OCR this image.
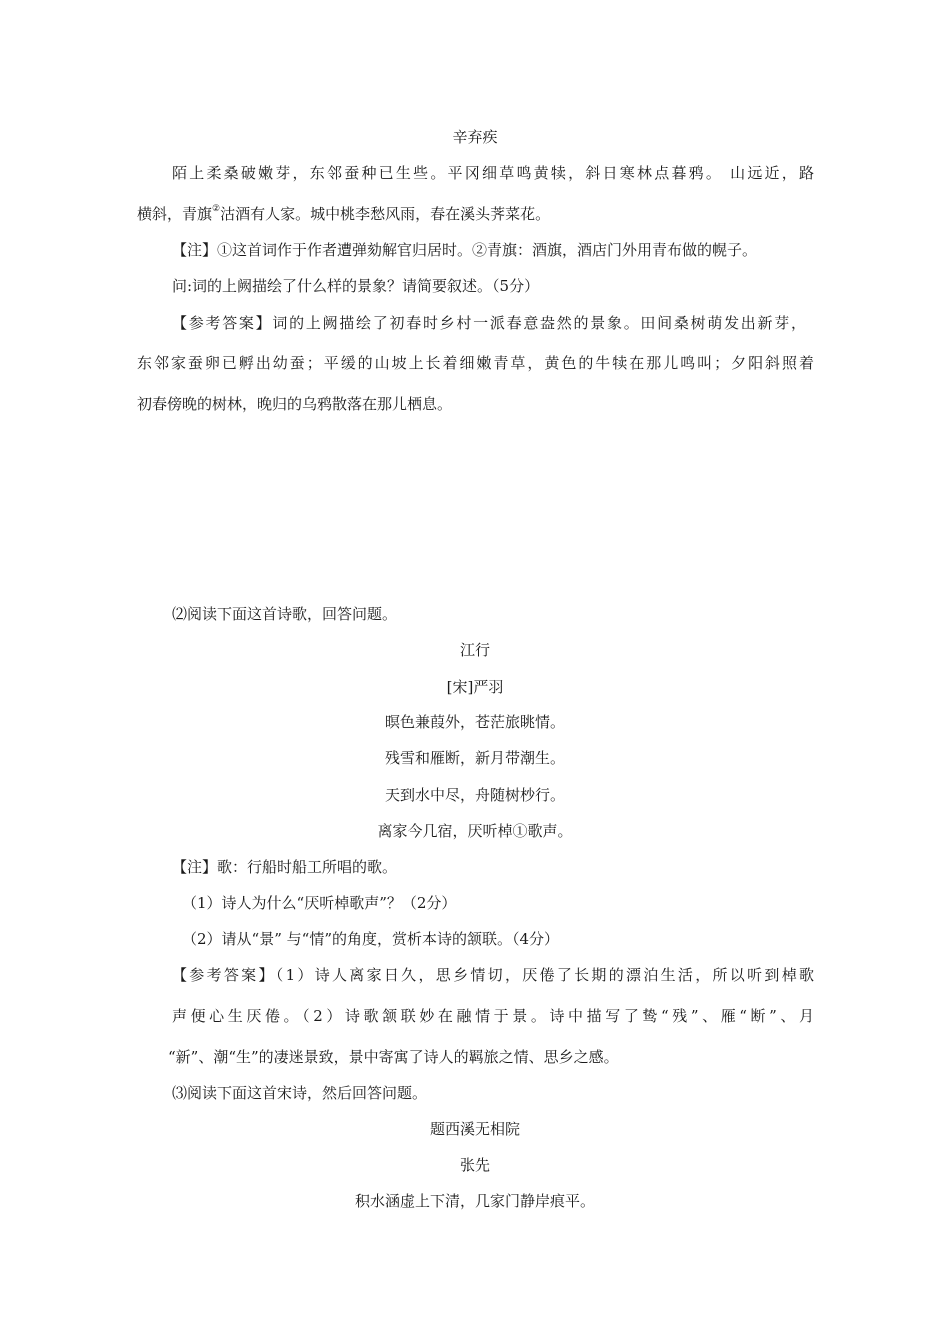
辛弃疾
陌上柔桑破嫩芽，东邻蚕种已生些。平冈细草鸣黄犊，斜日寒林点暮鸦。 山远近，路
横斜，青旗②沽酒有人家。城中桃李愁风雨，春在溪头荠菜花。
【注】①这首词作于作者遭弹劾解官归居时。②青旗：酒旗，酒店门外用青布做的幌子。
问:词的上阙描绘了什么样的景象？请简要叙述。（5分）
【参考答案】词的上阙描绘了初春时乡村一派春意盎然的景象。田间桑树萌发出新芽，
东邻家蚕卵已孵出幼蚕；平缓的山坡上长着细嫩青草，黄色的牛犊在那儿鸣叫；夕阳斜照着
初春傍晚的树林，晚归的乌鸦散落在那儿栖息。
⑵阅读下面这首诗歌，回答问题。
江行
[宋]严羽
暝色兼葭外，苍茫旅眺情。
残雪和雁断，新月带潮生。
天到水中尽，舟随树杪行。
离家今几宿，厌听棹①歌声。
【注】歌：行船时船工所唱的歌。
（1）诗人为什么“厌听棹歌声”？（2分）
（2）请从“景” 与“情”的角度，赏析本诗的颔联。（4分）
【参考答案】（1）诗人离家日久，思乡情切，厌倦了长期的漂泊生活，所以听到棹歌
声便心生厌倦。（2）诗歌颔联妙在融情于景。诗中描写了鸷“残”、雁“断”、月
“新”、潮“生”的凄迷景致，景中寄寓了诗人的羁旅之情、思乡之感。
⑶阅读下面这首宋诗，然后回答问题。
题西溪无相院
张先
积水涵虚上下清，几家门静岸痕平。
